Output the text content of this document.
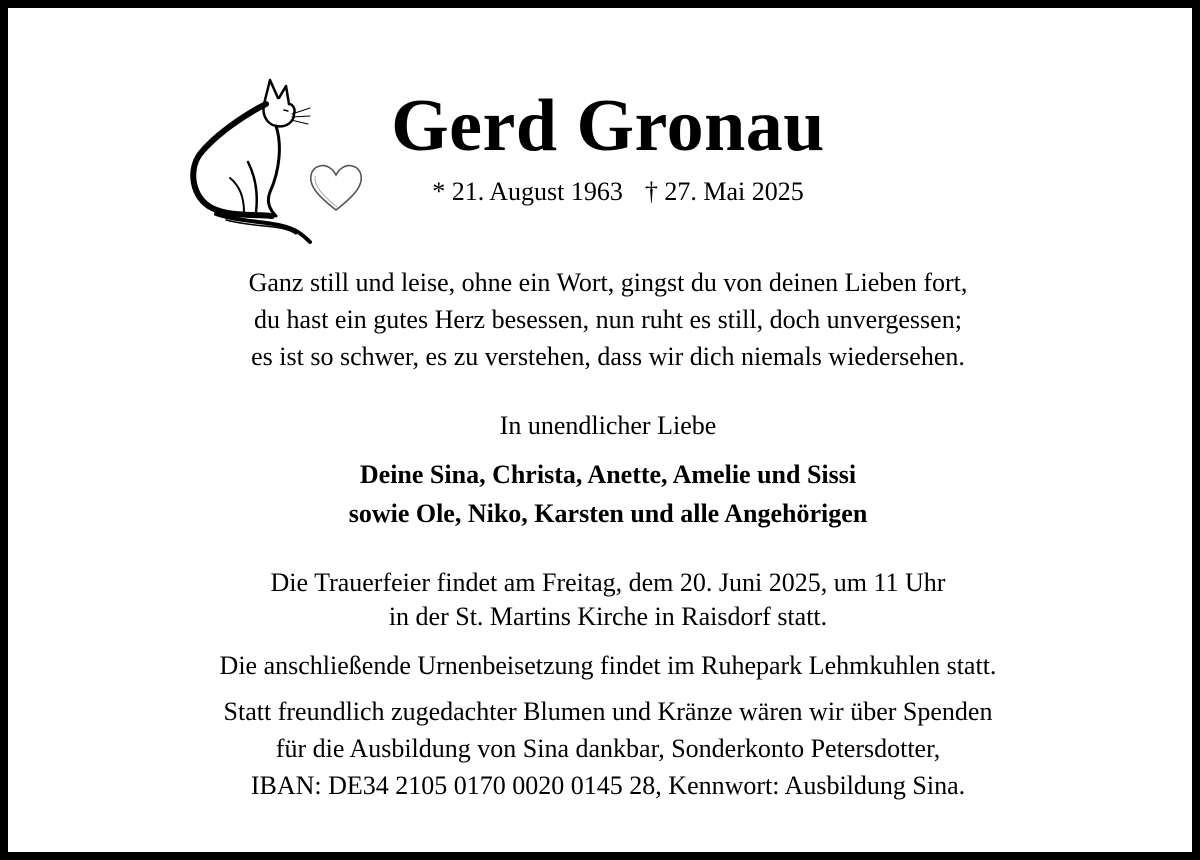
Gerd Gronau
* 21. August 1963 † 27. Mai 2025
Ganz still und leise, ohne ein Wort, gingst du von deinen Lieben fort,
du hast ein gutes Herz besessen, nun ruht es still, doch unvergessen;
es ist so schwer, es zu verstehen, dass wir dich niemals wiedersehen.
In unendlicher Liebe
Deine Sina, Christa, Anette, Amelie und Sissi
sowie Ole, Niko, Karsten und alle Angehörigen
Die Trauerfeier findet am Freitag, dem 20. Juni 2025, um 11 Uhr
in der St. Martins Kirche in Raisdorf statt.
Die anschließende Urnenbeisetzung findet im Ruhepark Lehmkuhlen statt.
Statt freundlich zugedachter Blumen und Kränze wären wir über Spenden
für die Ausbildung von Sina dankbar, Sonderkonto Petersdotter,
IBAN: DE34 2105 0170 0020 0145 28, Kennwort: Ausbildung Sina.
